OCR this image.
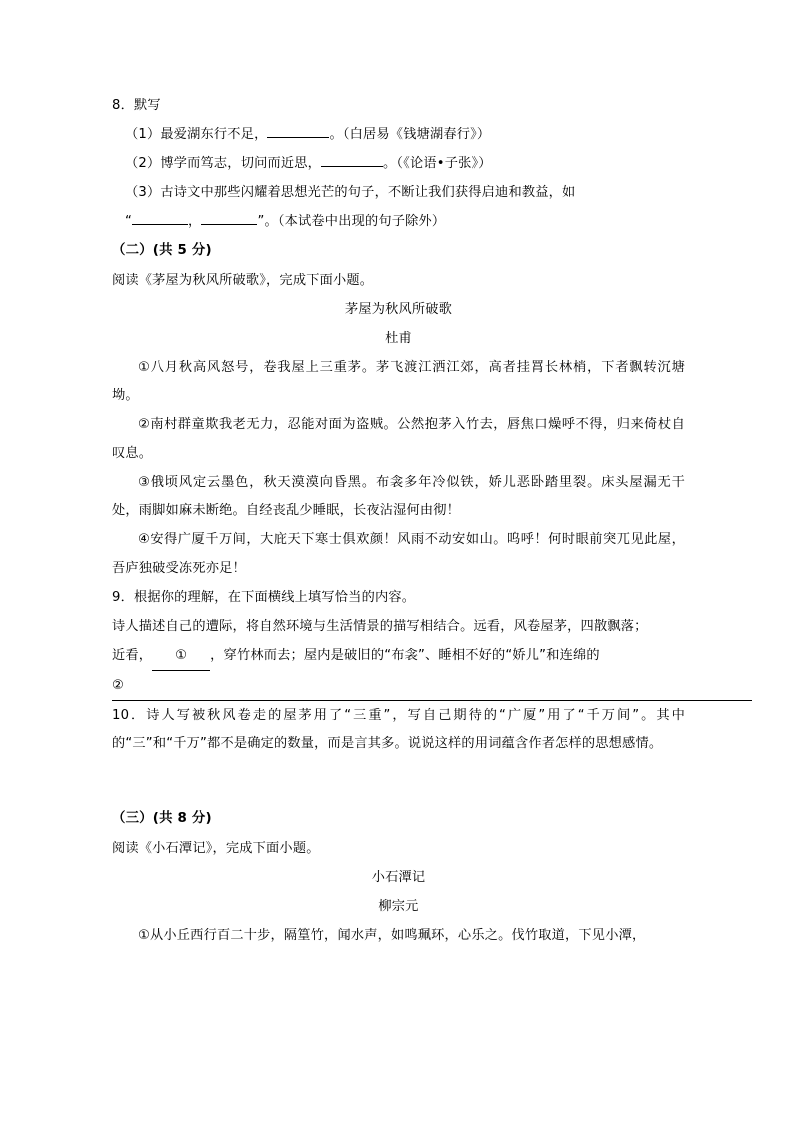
8．默写
（1）最爱湖东行不足，	。（白居易《钱塘湖春行》）
（2）博学而笃志，切问而近思，	。（《论语•子张》）
（3）古诗文中那些闪耀着思想光芒的句子，不断让我们获得启迪和教益，如
“	，	”。（本试卷中出现的句子除外）
（二）(共 5 分)
阅读《茅屋为秋风所破歌》，完成下面小题。
茅屋为秋风所破歌
杜甫
①八月秋高风怒号，卷我屋上三重茅。茅飞渡江洒江郊，高者挂罥长林梢，下者飘转沉塘坳。
②南村群童欺我老无力，忍能对面为盗贼。公然抱茅入竹去，唇焦口燥呼不得，归来倚杖自叹息。
③俄顷风定云墨色，秋天漠漠向昏黑。布衾多年冷似铁，娇儿恶卧踏里裂。床头屋漏无干处，雨脚如麻未断绝。自经丧乱少睡眠，长夜沾湿何由彻！
④安得广厦千万间，大庇天下寒士俱欢颜！风雨不动安如山。呜呼！何时眼前突兀见此屋，吾庐独破受冻死亦足！
9．根据你的理解，在下面横线上填写恰当的内容。
诗人描述自己的遭际，将自然环境与生活情景的描写相结合。远看，风卷屋茅，四散飘落；
近看， ① ，穿竹林而去；屋内是破旧的“布衾”、睡相不好的“娇儿”和连绵的
②
10．诗人写被秋风卷走的屋茅用了“三重”，写自己期待的“广厦”用了“千万间”。其中的“三”和“千万”都不是确定的数量，而是言其多。说说这样的用词蕴含作者怎样的思想感情。
（三）(共 8 分)
阅读《小石潭记》，完成下面小题。
小石潭记
柳宗元
①从小丘西行百二十步，隔篁竹，闻水声，如鸣珮环，心乐之。伐竹取道，下见小潭，
